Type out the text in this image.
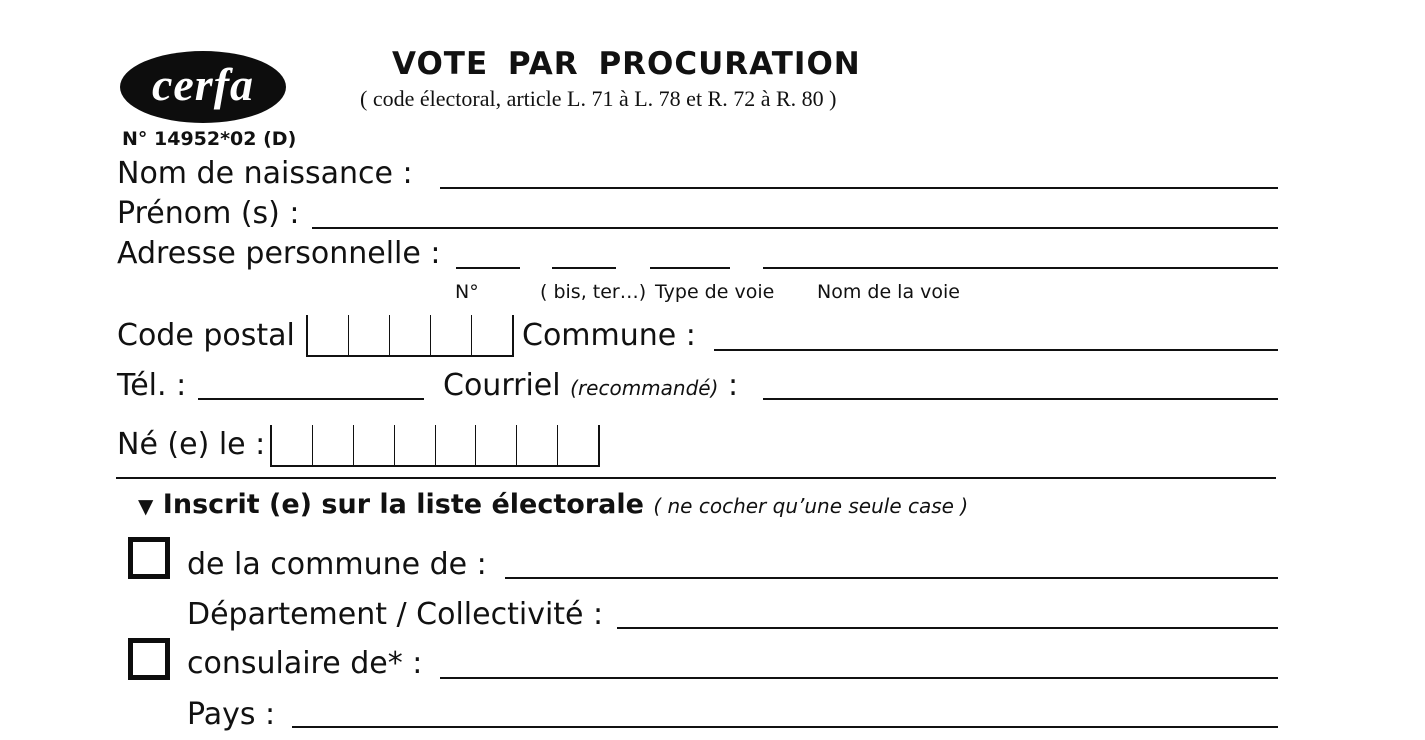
cerfa
N° 14952*02 (D)
VOTE PAR PROCURATION
( code électoral, article L. 71 à L. 78 et R. 72 à R. 80 )
Nom de naissance :
Prénom (s) :
Adresse personnelle :
N°	( bis, ter…) Type de voie Nom de la voie
Code postal	Commune :
Tél. :	Courriel (recommandé) :
Né (e) le :
▼ Inscrit (e) sur la liste électorale ( ne cocher qu’une seule case )
de la commune de :
Département / Collectivité :
consulaire de* :
Pays :
